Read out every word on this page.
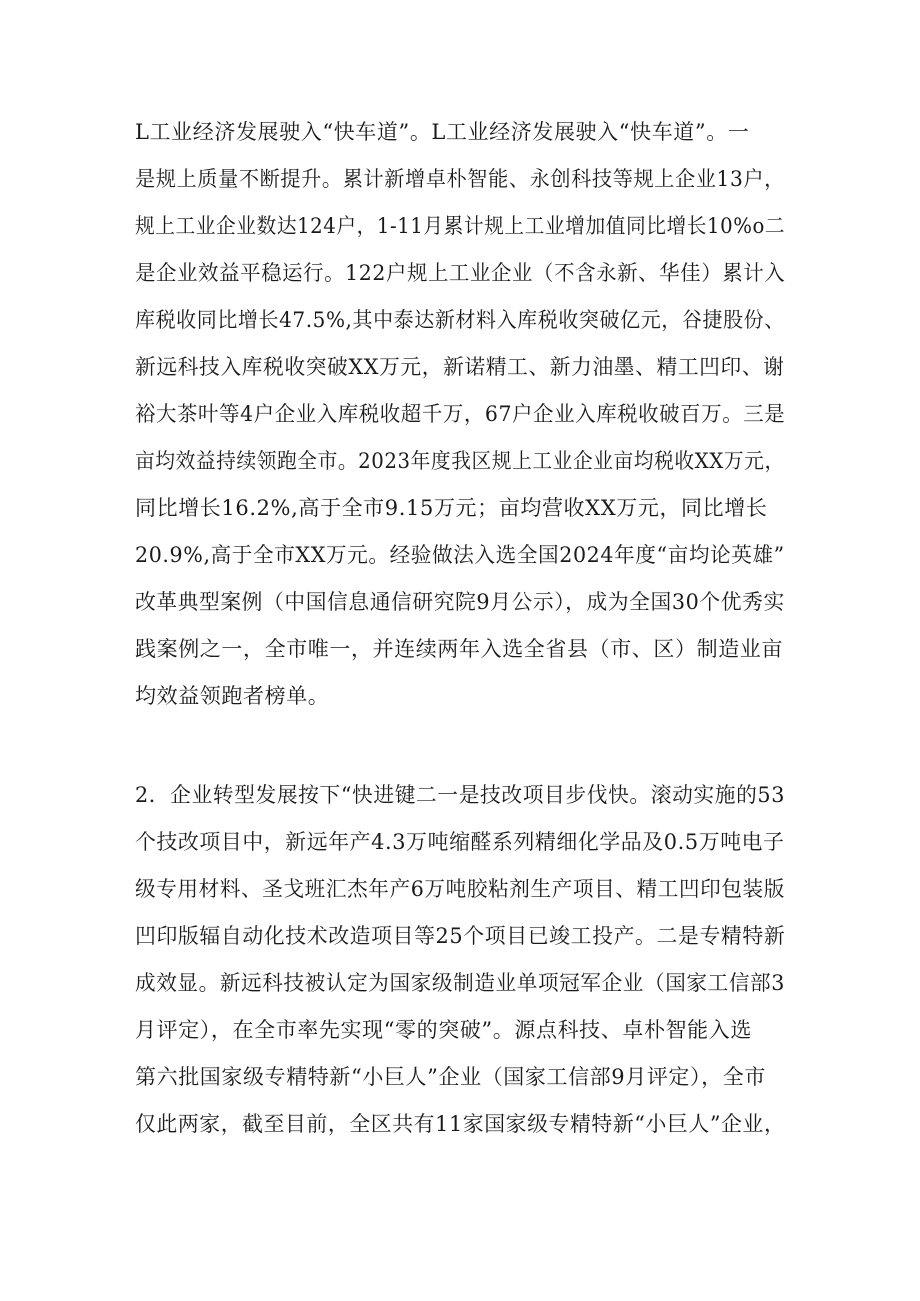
L工业经济发展驶入“快车道”。L工业经济发展驶入“快车道”。一
是规上质量不断提升。累计新增卓朴智能、永创科技等规上企业13户，
规上工业企业数达124户，1-11月累计规上工业增加值同比增长10%o二
是企业效益平稳运行。122户规上工业企业（不含永新、华佳）累计入
库税收同比增长47.5%,其中泰达新材料入库税收突破亿元，谷捷股份、
新远科技入库税收突破XX万元，新诺精工、新力油墨、精工凹印、谢
裕大茶叶等4户企业入库税收超千万，67户企业入库税收破百万。三是
亩均效益持续领跑全市。2023年度我区规上工业企业亩均税收XX万元，
同比增长16.2%,高于全市9.15万元；亩均营收XX万元，同比增长
20.9%,高于全市XX万元。经验做法入选全国2024年度“亩均论英雄”
改革典型案例（中国信息通信研究院9月公示），成为全国30个优秀实
践案例之一，全市唯一，并连续两年入选全省县（市、区）制造业亩
均效益领跑者榜单。
2．企业转型发展按下“快进键二一是技改项目步伐快。滚动实施的53
个技改项目中，新远年产4.3万吨缩醛系列精细化学品及0.5万吨电子
级专用材料、圣戈班汇杰年产6万吨胶粘剂生产项目、精工凹印包装版
凹印版辐自动化技术改造项目等25个项目已竣工投产。二是专精特新
成效显。新远科技被认定为国家级制造业单项冠军企业（国家工信部3
月评定），在全市率先实现“零的突破”。源点科技、卓朴智能入选
第六批国家级专精特新“小巨人”企业（国家工信部9月评定），全市
仅此两家，截至目前，全区共有11家国家级专精特新“小巨人”企业，
